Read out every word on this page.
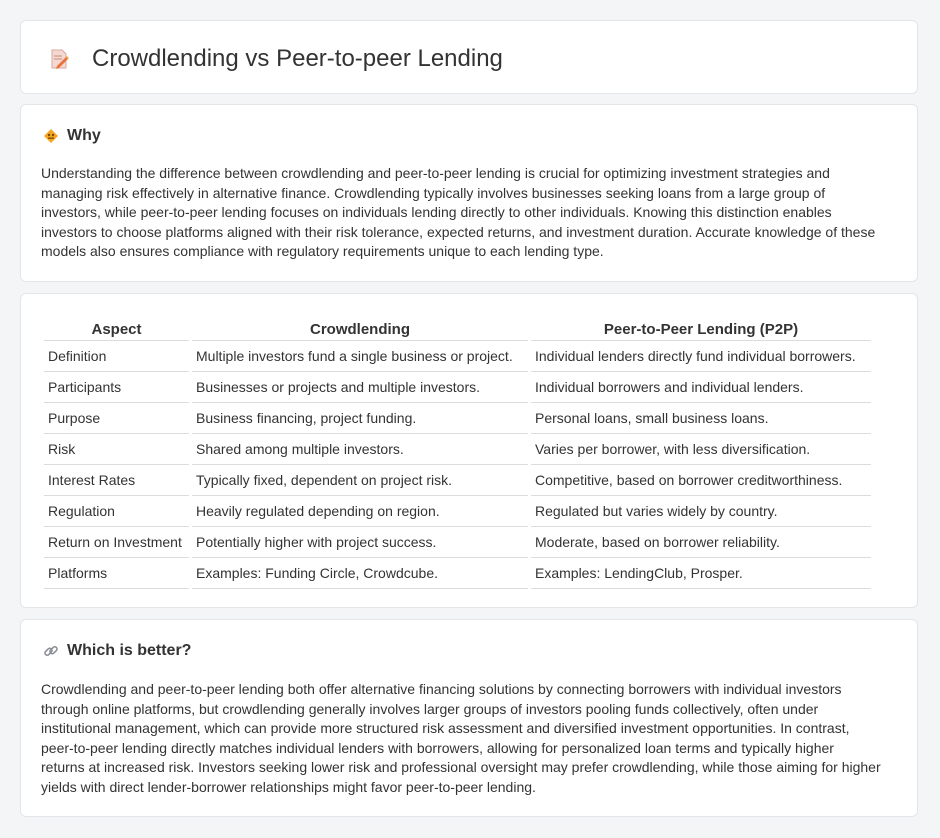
Crowdlending vs Peer-to-peer Lending
Why

Understanding the difference between crowdlending and peer-to-peer lending is crucial for optimizing investment strategies and managing risk effectively in alternative finance. Crowdlending typically involves businesses seeking loans from a large group of investors, while peer-to-peer lending focuses on individuals lending directly to other individuals. Knowing this distinction enables investors to choose platforms aligned with their risk tolerance, expected returns, and investment duration. Accurate knowledge of these models also ensures compliance with regulatory requirements unique to each lending type.

Aspect	Crowdlending	Peer-to-Peer Lending (P2P)
Definition	Multiple investors fund a single business or project.	Individual lenders directly fund individual borrowers.
Participants	Businesses or projects and multiple investors.	Individual borrowers and individual lenders.
Purpose	Business financing, project funding.	Personal loans, small business loans.
Risk	Shared among multiple investors.	Varies per borrower, with less diversification.
Interest Rates	Typically fixed, dependent on project risk.	Competitive, based on borrower creditworthiness.
Regulation	Heavily regulated depending on region.	Regulated but varies widely by country.
Return on Investment	Potentially higher with project success.	Moderate, based on borrower reliability.
Platforms	Examples: Funding Circle, Crowdcube.	Examples: LendingClub, Prosper.
Which is better?

Crowdlending and peer-to-peer lending both offer alternative financing solutions by connecting borrowers with individual investors through online platforms, but crowdlending generally involves larger groups of investors pooling funds collectively, often under institutional management, which can provide more structured risk assessment and diversified investment opportunities. In contrast, peer-to-peer lending directly matches individual lenders with borrowers, allowing for personalized loan terms and typically higher returns at increased risk. Investors seeking lower risk and professional oversight may prefer crowdlending, while those aiming for higher yields with direct lender-borrower relationships might favor peer-to-peer lending.
